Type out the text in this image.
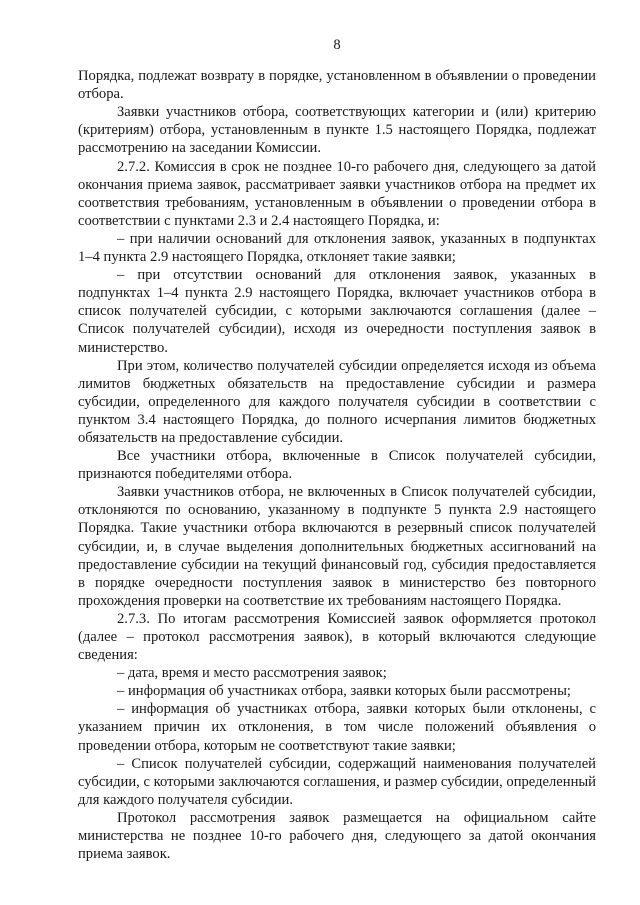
8

Порядка, подлежат возврату в порядке, установленном в объявлении о проведении отбора.

Заявки участников отбора, соответствующих категории и (или) критерию (критериям) отбора, установленным в пункте 1.5 настоящего Порядка, подлежат рассмотрению на заседании Комиссии.

2.7.2. Комиссия в срок не позднее 10-го рабочего дня, следующего за датой окончания приема заявок, рассматривает заявки участников отбора на предмет их соответствия требованиям, установленным в объявлении о проведении отбора в соответствии с пунктами 2.3 и 2.4 настоящего Порядка, и:

– при наличии оснований для отклонения заявок, указанных в подпунктах 1–4 пункта 2.9 настоящего Порядка, отклоняет такие заявки;

– при отсутствии оснований для отклонения заявок, указанных в подпунктах 1–4 пункта 2.9 настоящего Порядка, включает участников отбора в список получателей субсидии, с которыми заключаются соглашения (далее – Список получателей субсидии), исходя из очередности поступления заявок в министерство.

При этом, количество получателей субсидии определяется исходя из объема лимитов бюджетных обязательств на предоставление субсидии и размера субсидии, определенного для каждого получателя субсидии в соответствии с пунктом 3.4 настоящего Порядка, до полного исчерпания лимитов бюджетных обязательств на предоставление субсидии.

Все участники отбора, включенные в Список получателей субсидии, признаются победителями отбора.

Заявки участников отбора, не включенных в Список получателей субсидии, отклоняются по основанию, указанному в подпункте 5 пункта 2.9 настоящего Порядка. Такие участники отбора включаются в резервный список получателей субсидии, и, в случае выделения дополнительных бюджетных ассигнований на предоставление субсидии на текущий финансовый год, субсидия предоставляется в порядке очередности поступления заявок в министерство без повторного прохождения проверки на соответствие их требованиям настоящего Порядка.

2.7.3. По итогам рассмотрения Комиссией заявок оформляется протокол (далее – протокол рассмотрения заявок), в который включаются следующие сведения:

– дата, время и место рассмотрения заявок;

– информация об участниках отбора, заявки которых были рассмотрены;

– информация об участниках отбора, заявки которых были отклонены, с указанием причин их отклонения, в том числе положений объявления о проведении отбора, которым не соответствуют такие заявки;

– Список получателей субсидии, содержащий наименования получателей субсидии, с которыми заключаются соглашения, и размер субсидии, определенный для каждого получателя субсидии.

Протокол рассмотрения заявок размещается на официальном сайте министерства не позднее 10-го рабочего дня, следующего за датой окончания приема заявок.
